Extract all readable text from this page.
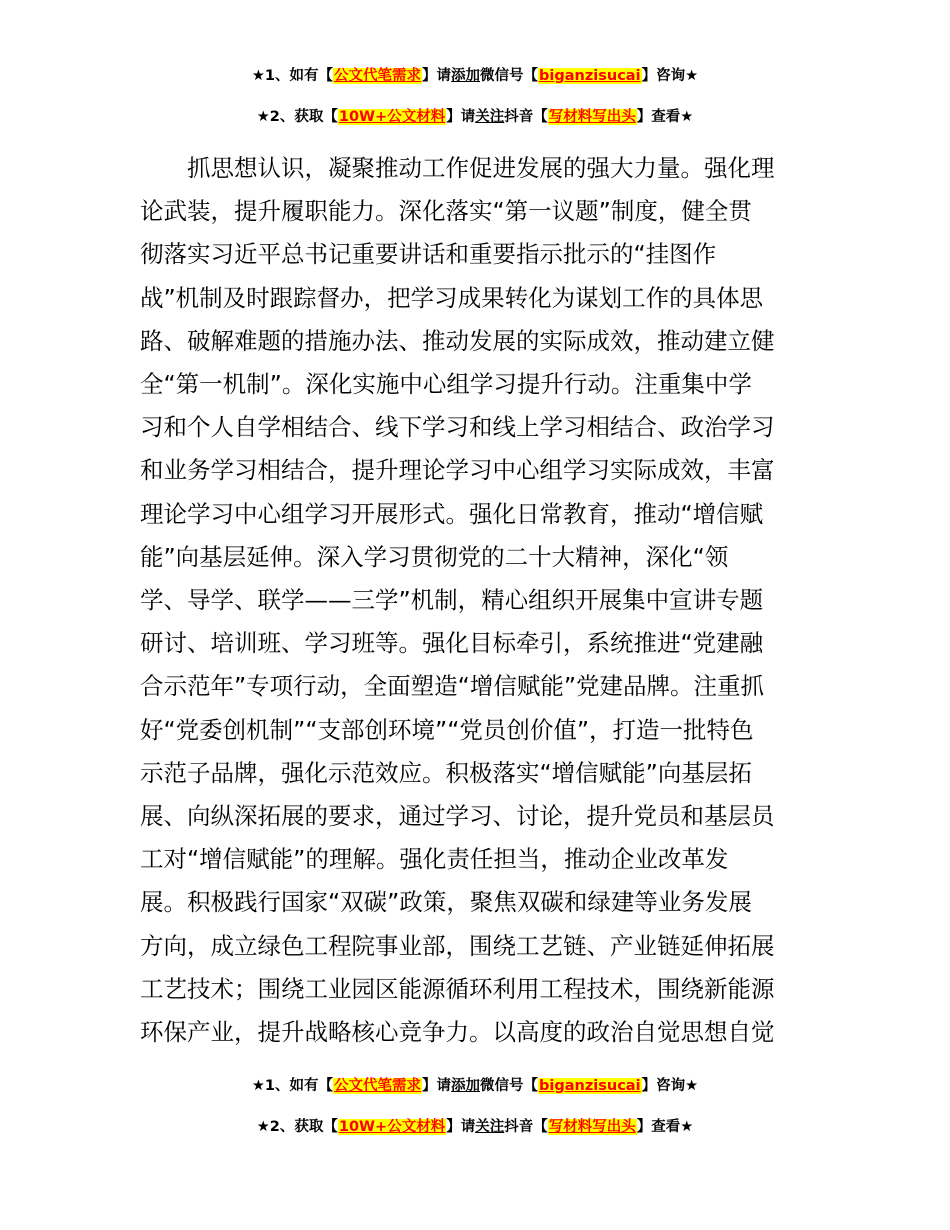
★1、如有【公文代笔需求】请添加微信号【biganzisucai】咨询★
★2、获取【10W+公文材料】请关注抖音【写材料写出头】查看★
抓思想认识，凝聚推动工作促进发展的强大力量。强化理
论武装，提升履职能力。深化落实“第一议题”制度，健全贯
彻落实习近平总书记重要讲话和重要指示批示的“挂图作
战”机制及时跟踪督办，把学习成果转化为谋划工作的具体思
路、破解难题的措施办法、推动发展的实际成效，推动建立健
全“第一机制”。深化实施中心组学习提升行动。注重集中学
习和个人自学相结合、线下学习和线上学习相结合、政治学习
和业务学习相结合，提升理论学习中心组学习实际成效，丰富
理论学习中心组学习开展形式。强化日常教育，推动“增信赋
能”向基层延伸。深入学习贯彻党的二十大精神，深化“领
学、导学、联学——三学”机制，精心组织开展集中宣讲专题
研讨、培训班、学习班等。强化目标牵引，系统推进“党建融
合示范年”专项行动，全面塑造“增信赋能”党建品牌。注重抓
好“党委创机制”“支部创环境”“党员创价值”，打造一批特色
示范子品牌，强化示范效应。积极落实“增信赋能”向基层拓
展、向纵深拓展的要求，通过学习、讨论，提升党员和基层员
工对“增信赋能”的理解。强化责任担当，推动企业改革发
展。积极践行国家“双碳”政策，聚焦双碳和绿建等业务发展
方向，成立绿色工程院事业部，围绕工艺链、产业链延伸拓展
工艺技术；围绕工业园区能源循环利用工程技术，围绕新能源
环保产业，提升战略核心竞争力。以高度的政治自觉思想自觉
★1、如有【公文代笔需求】请添加微信号【biganzisucai】咨询★
★2、获取【10W+公文材料】请关注抖音【写材料写出头】查看★
